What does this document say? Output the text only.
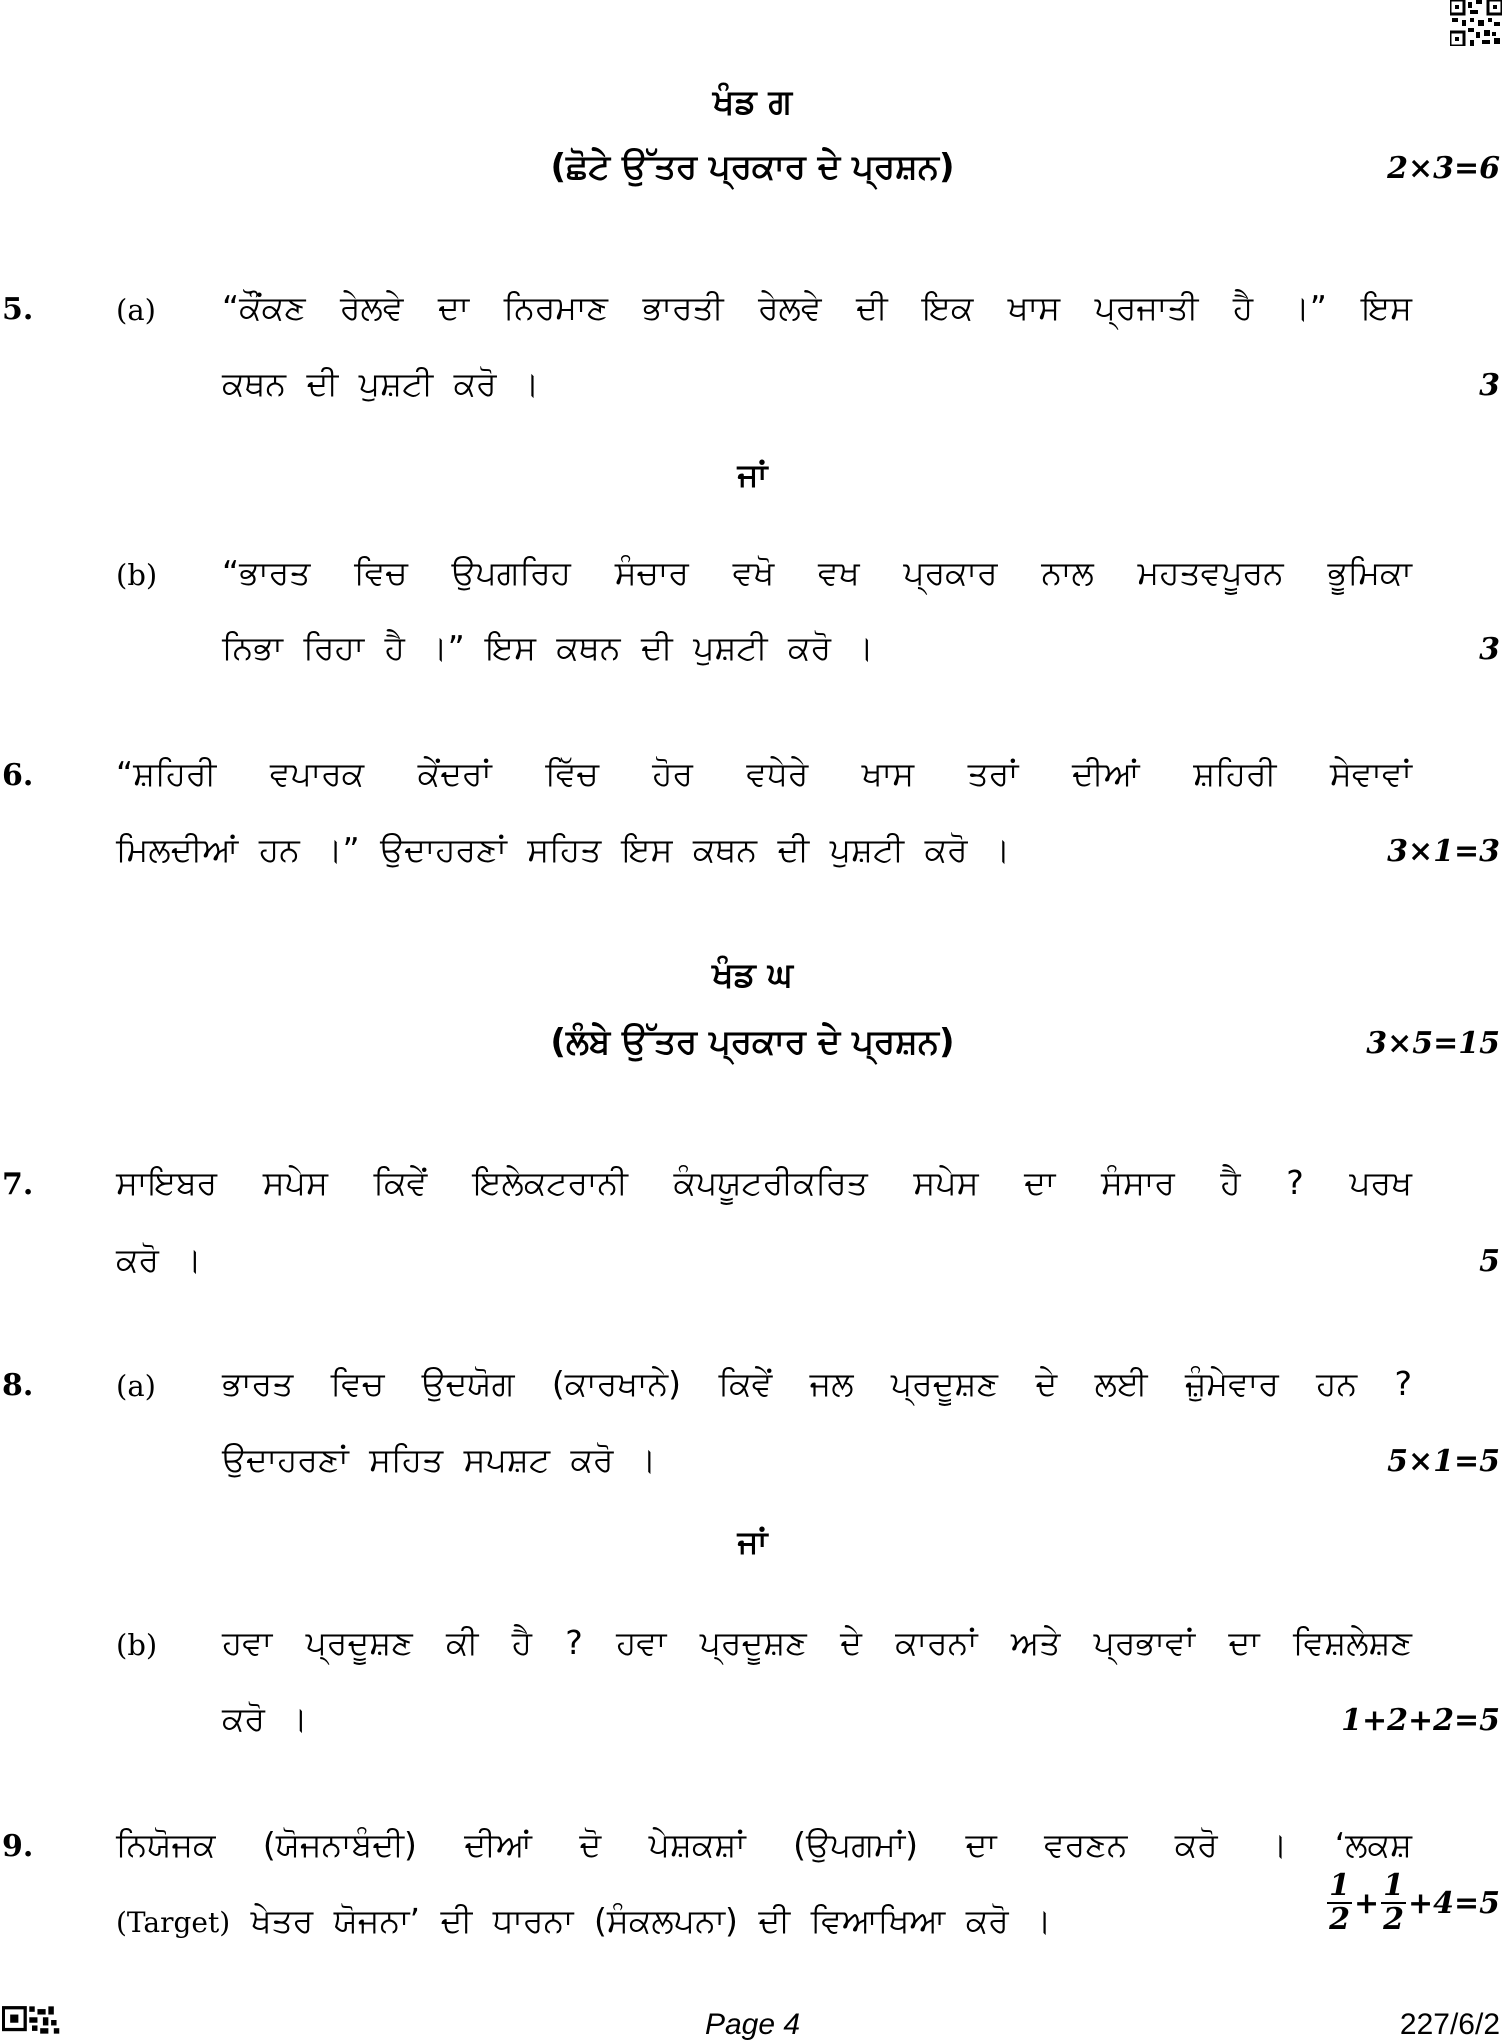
ਖੰਡ ਗ
(ਛੋਟੇ ਉੱਤਰ ਪ੍ਰਕਾਰ ਦੇ ਪ੍ਰਸ਼ਨ)	2×3=6
5.	(a) “ਕੌਂਕਣ ਰੇਲਵੇ ਦਾ ਨਿਰਮਾਣ ਭਾਰਤੀ ਰੇਲਵੇ ਦੀ ਇਕ ਖਾਸ ਪ੍ਰਜਾਤੀ ਹੈ ।” ਇਸ
ਕਥਨ ਦੀ ਪੁਸ਼ਟੀ ਕਰੋ ।	3
ਜਾਂ
(b) “ਭਾਰਤ ਵਿਚ ਉਪਗਰਿਹ ਸੰਚਾਰ ਵਖੋ ਵਖ ਪ੍ਰਕਾਰ ਨਾਲ ਮਹਤਵਪੂਰਨ ਭੂਮਿਕਾ
ਨਿਭਾ ਰਿਹਾ ਹੈ ।” ਇਸ ਕਥਨ ਦੀ ਪੁਸ਼ਟੀ ਕਰੋ ।	3
6.	“ਸ਼ਹਿਰੀ ਵਪਾਰਕ ਕੇਂਦਰਾਂ ਵਿੱਚ ਹੋਰ ਵਧੇਰੇ ਖਾਸ ਤਰਾਂ ਦੀਆਂ ਸ਼ਹਿਰੀ ਸੇਵਾਵਾਂ
ਮਿਲਦੀਆਂ ਹਨ ।” ਉਦਾਹਰਣਾਂ ਸਹਿਤ ਇਸ ਕਥਨ ਦੀ ਪੁਸ਼ਟੀ ਕਰੋ ।	3×1=3
ਖੰਡ ਘ
(ਲੰਬੇ ਉੱਤਰ ਪ੍ਰਕਾਰ ਦੇ ਪ੍ਰਸ਼ਨ)	3×5=15
7.	ਸਾਇਬਰ ਸਪੇਸ ਕਿਵੇਂ ਇਲੇਕਟਰਾਨੀ ਕੰਪਯੂਟਰੀਕਰਿਤ ਸਪੇਸ ਦਾ ਸੰਸਾਰ ਹੈ ? ਪਰਖ
ਕਰੋ ।	5
8.	(a) ਭਾਰਤ ਵਿਚ ਉਦਯੋਗ (ਕਾਰਖਾਨੇ) ਕਿਵੇਂ ਜਲ ਪ੍ਰਦੂਸ਼ਣ ਦੇ ਲਈ ਜ਼ੁੰਮੇਵਾਰ ਹਨ ?
ਉਦਾਹਰਣਾਂ ਸਹਿਤ ਸਪਸ਼ਟ ਕਰੋ ।	5×1=5
ਜਾਂ
(b) ਹਵਾ ਪ੍ਰਦੂਸ਼ਣ ਕੀ ਹੈ ? ਹਵਾ ਪ੍ਰਦੂਸ਼ਣ ਦੇ ਕਾਰਨਾਂ ਅਤੇ ਪ੍ਰਭਾਵਾਂ ਦਾ ਵਿਸ਼ਲੇਸ਼ਣ
ਕਰੋ ।	1+2+2=5
9.	ਨਿਯੋਜਕ (ਯੋਜਨਾਬੰਦੀ) ਦੀਆਂ ਦੋ ਪੇਸ਼ਕਸ਼ਾਂ (ਉਪਗਮਾਂ) ਦਾ ਵਰਣਨ ਕਰੋ । ‘ਲਕਸ਼
(Target) ਖੇਤਰ ਯੋਜਨਾ’ ਦੀ ਧਾਰਨਾ (ਸੰਕਲਪਨਾ) ਦੀ ਵਿਆਖਿਆ ਕਰੋ ।	$\frac{1}{2} + \frac{1}{2} +4=5$
Page 4	227/6/2
